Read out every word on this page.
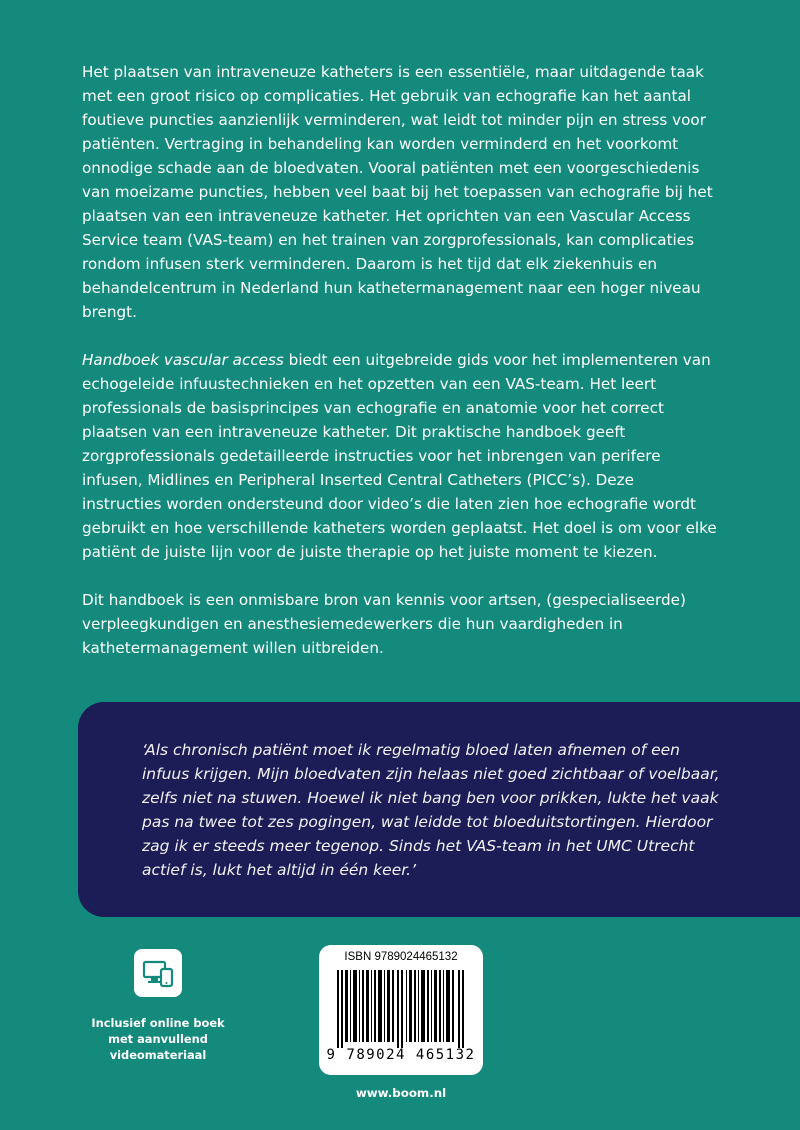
Het plaatsen van intraveneuze katheters is een essentiële, maar uitdagende taak met een groot risico op complicaties. Het gebruik van echografie kan het aantal foutieve puncties aanzienlijk verminderen, wat leidt tot minder pijn en stress voor patiënten. Vertraging in behandeling kan worden verminderd en het voorkomt onnodige schade aan de bloedvaten. Vooral patiënten met een voorgeschiedenis van moeizame puncties, hebben veel baat bij het toepassen van echografie bij het plaatsen van een intraveneuze katheter. Het oprichten van een Vascular Access Service team (VAS-team) en het trainen van zorgprofessionals, kan complicaties rondom infusen sterk verminderen. Daarom is het tijd dat elk ziekenhuis en behandelcentrum in Nederland hun kathetermanagement naar een hoger niveau brengt.

Handboek vascular access biedt een uitgebreide gids voor het implementeren van echogeleide infuustechnieken en het opzetten van een VAS-team. Het leert professionals de basisprincipes van echografie en anatomie voor het correct plaatsen van een intraveneuze katheter. Dit praktische handboek geeft zorgprofessionals gedetailleerde instructies voor het inbrengen van perifere infusen, Midlines en Peripheral Inserted Central Catheters (PICC’s). Deze instructies worden ondersteund door video’s die laten zien hoe echografie wordt gebruikt en hoe verschillende katheters worden geplaatst. Het doel is om voor elke patiënt de juiste lijn voor de juiste therapie op het juiste moment te kiezen.

Dit handboek is een onmisbare bron van kennis voor artsen, (gespecialiseerde) verpleegkundigen en anesthesiemedewerkers die hun vaardigheden in kathetermanagement willen uitbreiden.

‘Als chronisch patiënt moet ik regelmatig bloed laten afnemen of een infuus krijgen. Mijn bloedvaten zijn helaas niet goed zichtbaar of voelbaar, zelfs niet na stuwen. Hoewel ik niet bang ben voor prikken, lukte het vaak pas na twee tot zes pogingen, wat leidde tot bloeduitstortingen. Hierdoor zag ik er steeds meer tegenop. Sinds het VAS-team in het UMC Utrecht actief is, lukt het altijd in één keer.’
Inclusief online boek
met aanvullend
videomateriaal
ISBN 9789024465132
9 789024 465132
www.boom.nl
